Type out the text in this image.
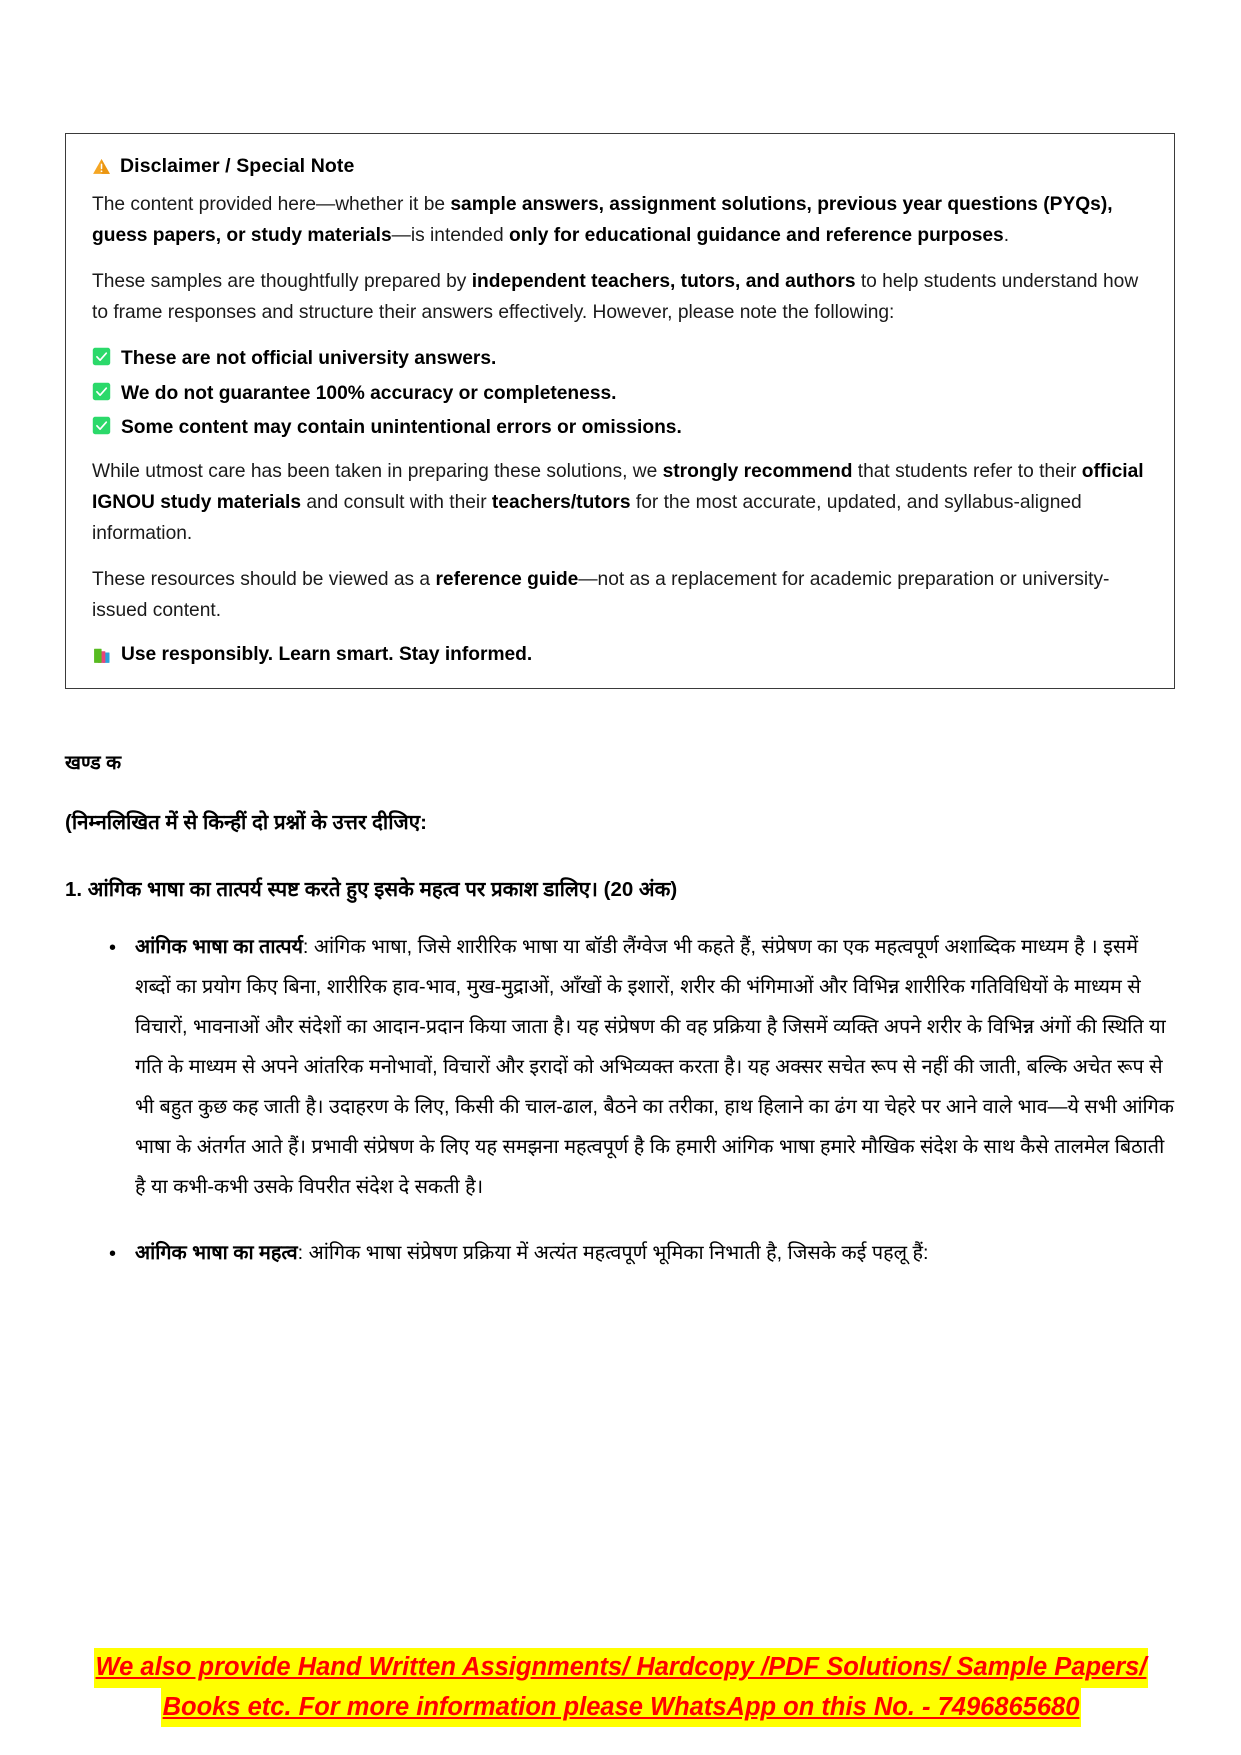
Disclaimer / Special Note

The content provided here—whether it be sample answers, assignment solutions, previous year questions (PYQs), guess papers, or study materials—is intended only for educational guidance and reference purposes.

These samples are thoughtfully prepared by independent teachers, tutors, and authors to help students understand how to frame responses and structure their answers effectively. However, please note the following:

These are not official university answers.
We do not guarantee 100% accuracy or completeness.
Some content may contain unintentional errors or omissions.

While utmost care has been taken in preparing these solutions, we strongly recommend that students refer to their official IGNOU study materials and consult with their teachers/tutors for the most accurate, updated, and syllabus-aligned information.

These resources should be viewed as a reference guide—not as a replacement for academic preparation or university-issued content.

Use responsibly. Learn smart. Stay informed.
खण्ड क
(निम्नलिखित में से किन्हीं दो प्रश्नों के उत्तर दीजिए:
1. आंगिक भाषा का तात्पर्य स्पष्ट करते हुए इसके महत्व पर प्रकाश डालिए। (20 अंक)
• आंगिक भाषा का तात्पर्य: आंगिक भाषा, जिसे शारीरिक भाषा या बॉडी लैंग्वेज भी कहते हैं, संप्रेषण का एक महत्वपूर्ण अशाब्दिक माध्यम है । इसमें शब्दों का प्रयोग किए बिना, शारीरिक हाव-भाव, मुख-मुद्राओं, आँखों के इशारों, शरीर की भंगिमाओं और विभिन्न शारीरिक गतिविधियों के माध्यम से विचारों, भावनाओं और संदेशों का आदान-प्रदान किया जाता है। यह संप्रेषण की वह प्रक्रिया है जिसमें व्यक्ति अपने शरीर के विभिन्न अंगों की स्थिति या गति के माध्यम से अपने आंतरिक मनोभावों, विचारों और इरादों को अभिव्यक्त करता है। यह अक्सर सचेत रूप से नहीं की जाती, बल्कि अचेत रूप से भी बहुत कुछ कह जाती है। उदाहरण के लिए, किसी की चाल-ढाल, बैठने का तरीका, हाथ हिलाने का ढंग या चेहरे पर आने वाले भाव—ये सभी आंगिक भाषा के अंतर्गत आते हैं। प्रभावी संप्रेषण के लिए यह समझना महत्वपूर्ण है कि हमारी आंगिक भाषा हमारे मौखिक संदेश के साथ कैसे तालमेल बिठाती है या कभी-कभी उसके विपरीत संदेश दे सकती है।
• आंगिक भाषा का महत्व: आंगिक भाषा संप्रेषण प्रक्रिया में अत्यंत महत्वपूर्ण भूमिका निभाती है, जिसके कई पहलू हैं:
We also provide Hand Written Assignments/ Hardcopy /PDF Solutions/ Sample Papers/
Books etc. For more information please WhatsApp on this No. - 7496865680
